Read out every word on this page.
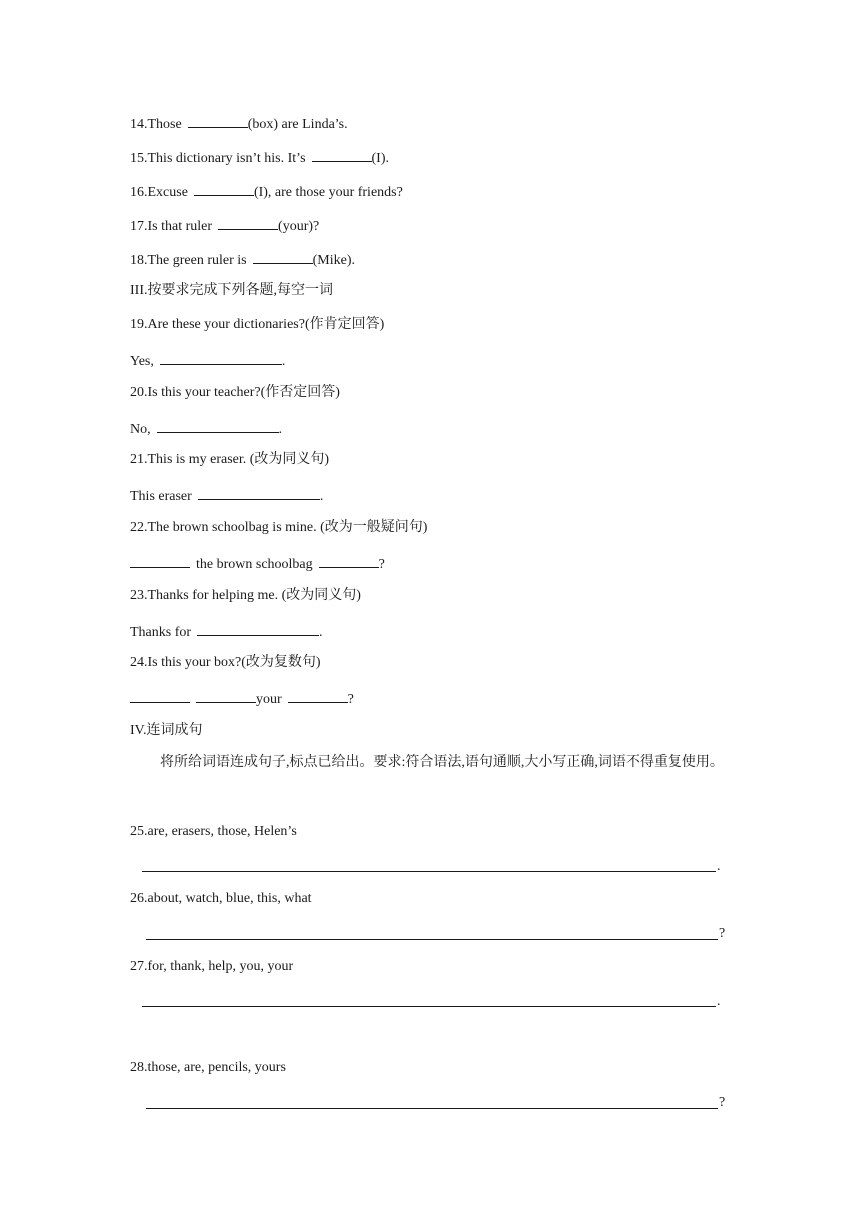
14.Those	(box) are Linda’s.
15.This dictionary isn’t his. It’s	(I).
16.Excuse	(I), are those your friends?
17.Is that ruler	(your)?
18.The green ruler is	(Mike).
III.按要求完成下列各题,每空一词
19.Are these your dictionaries?(作肯定回答)
Yes,	.
20.Is this your teacher?(作否定回答)
No,	.
21.This is my eraser. (改为同义句)
This eraser	.
22.The brown schoolbag is mine. (改为一般疑问句)
the brown schoolbag	?
23.Thanks for helping me. (改为同义句)
Thanks for	.
24.Is this your box?(改为复数句)
your	?
IV.连词成句
将所给词语连成句子,标点已给出。要求:符合语法,语句通顺,大小写正确,词语不得重复使用。
25.are, erasers, those, Helen’s
.
26.about, watch, blue, this, what
?
27.for, thank, help, you, your
.
28.those, are, pencils, yours
?
